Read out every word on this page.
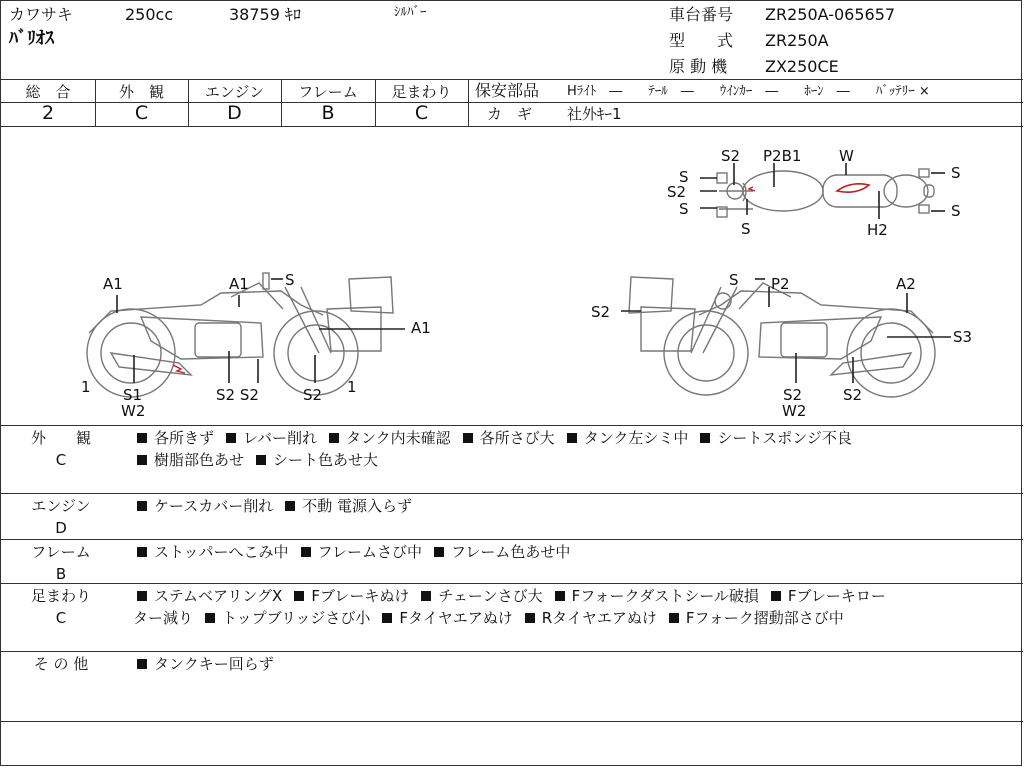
カワサキ	250cc	38759 ｷﾛ	ｼﾙﾊﾞｰ
ﾊﾞﾘｵｽ
車台番号 ZR250A-065657
型　　式 ZR250A
原 動 機 ZX250CE
総　合	外　観	エンジン	フレーム	足まわり
2	C	D	B	C
保安部品 Hﾗｲﾄ　―　　ﾃｰﾙ　―　　ｳｲﾝｶｰ　―　　ﾎｰﾝ　―　　ﾊﾞｯﾃﾘｰ ×
カ　ギ 社外ｷｰ1
S2 P2B1	W
S
S2
S
S
S
S
H2
A1	A1 S
A1
1 S1
W2
S2 S2	S2 1
S P2	A2
S2
S3
S2
W2
S2
外　　観
C
各所きず レバー削れ タンク内未確認 各所さび大 タンク左シミ中 シートスポンジ不良
樹脂部色あせ シート色あせ大
エンジン
D
ケースカバー削れ 不動 電源入らず
フレーム
B
ストッパーへこみ中 フレームさび中 フレーム色あせ中
足まわり
C
ステムベアリングX Fブレーキぬけ チェーンさび大 Fフォークダストシール破損 Fブレーキロー
ター減り トップブリッジさび小 Fタイヤエアぬけ Rタイヤエアぬけ Fフォーク摺動部さび中
そ の 他	タンクキー回らず
